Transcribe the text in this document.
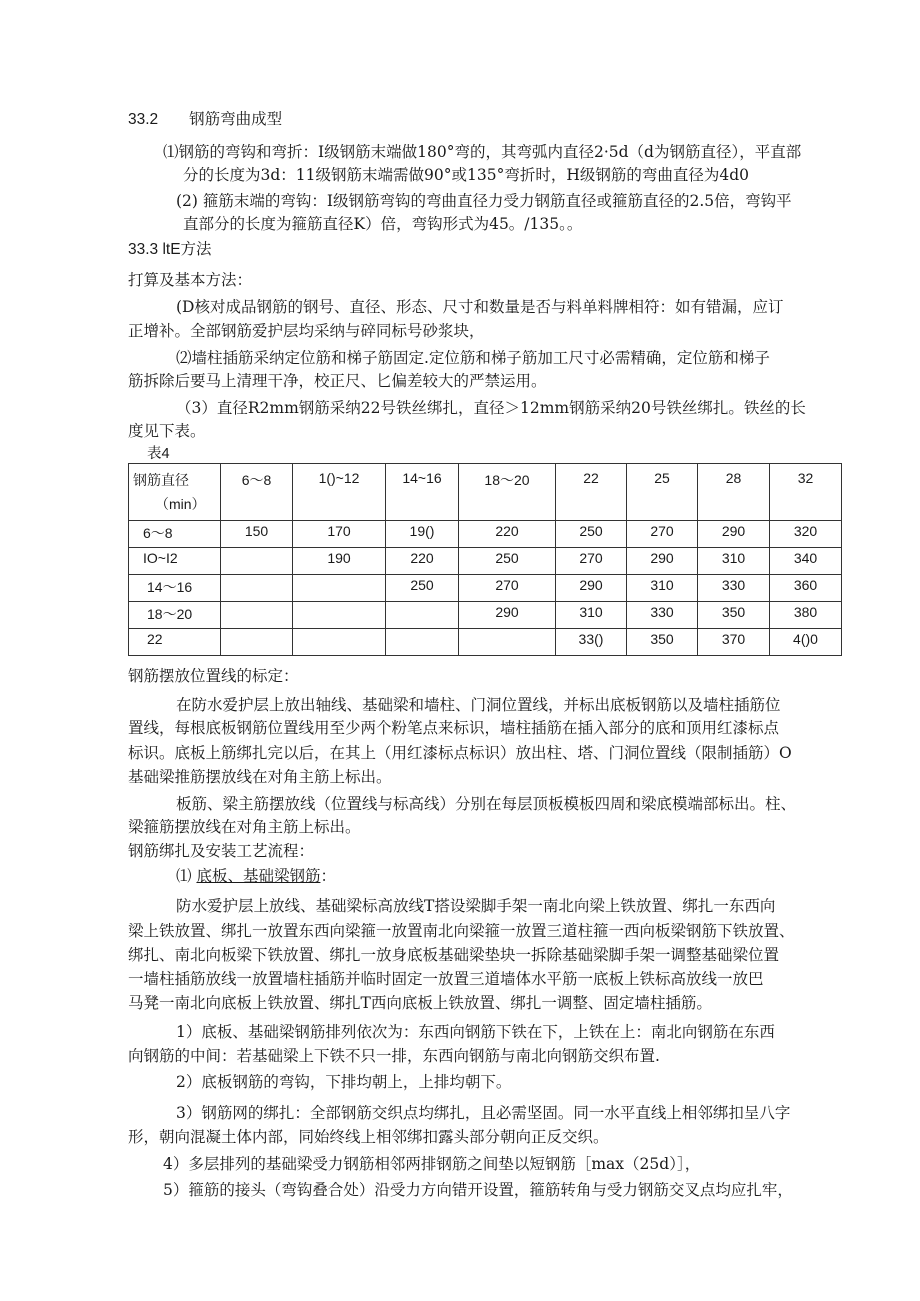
33.2　　钢筋弯曲成型
⑴钢筋的弯钩和弯折：Ⅰ级钢筋末端做180°弯的，其弯弧内直径2·5d（d为钢筋直径），平直部
分的长度为3d：11级钢筋末端需做90°或135°弯折时，H级钢筋的弯曲直径为4d0
(2) 箍筋末端的弯钩：Ⅰ级钢筋弯钩的弯曲直径力受力钢筋直径或箍筋直径的2.5倍，弯钩平
直部分的长度为箍筋直径K）倍，弯钩形式为45。/135。。
33.3 ltE方法
打算及基本方法：
(D核对成品钢筋的钢号、直径、形态、尺寸和数量是否与料单料牌相符：如有错漏，应订
正增补。全部钢筋爱护层均采纳与碎同标号砂浆块，
⑵墙柱插筋采纳定位筋和梯子筋固定.定位筋和梯子筋加工尺寸必需精确，定位筋和梯子
筋拆除后要马上清理干净，校正尺、匕偏差较大的严禁运用。
（3）直径R2mm钢筋采纳22号铁丝绑扎，直径＞12mm钢筋采纳20号铁丝绑扎。铁丝的长
度见下表。
表4
钢筋直径
（min）	6～8	1()~12	14~16	18～20	22	25	28	32
6～8	150	170	19()	220	250	270	290	320
IO~I2		190	220	250	270	290	310	340
14～16			250	270	290	310	330	360
18～20				290	310	330	350	380
22					33()	350	370	4()0
钢筋摆放位置线的标定：
在防水爱护层上放出轴线、基础梁和墙柱、门洞位置线，并标出底板钢筋以及墙柱插筋位
置线，每根底板钢筋位置线用至少两个粉笔点来标识，墙柱插筋在插入部分的底和顶用红漆标点
标识。底板上筋绑扎完以后，在其上（用红漆标点标识）放出柱、塔、门洞位置线（限制插筋）O
基础梁推筋摆放线在对角主筋上标出。
板筋、梁主筋摆放线（位置线与标高线）分别在每层顶板模板四周和梁底模端部标出。柱、
梁箍筋摆放线在对角主筋上标出。
钢筋绑扎及安装工艺流程：
⑴ 底板、基础梁钢筋：
防水爱护层上放线、基础梁标高放线T搭设梁脚手架一南北向梁上铁放置、绑扎一东西向
梁上铁放置、绑扎一放置东西向梁箍一放置南北向梁箍一放置三道柱箍一西向板梁钢筋下铁放置、
绑扎、南北向板梁下铁放置、绑扎一放身底板基础梁垫块一拆除基础梁脚手架一调整基础梁位置
一墙柱插筋放线一放置墙柱插筋并临时固定一放置三道墙体水平筋一底板上铁标高放线一放巴
马凳一南北向底板上铁放置、绑扎T西向底板上铁放置、绑扎一调整、固定墙柱插筋。
1）底板、基础梁钢筋排列依次为：东西向钢筋下铁在下，上铁在上：南北向钢筋在东西
向钢筋的中间：若基础梁上下铁不只一排，东西向钢筋与南北向钢筋交织布置.
2）底板钢筋的弯钩，下排均朝上，上排均朝下。
3）钢筋网的绑扎：全部钢筋交织点均绑扎，且必需坚固。同一水平直线上相邻绑扣呈八字
形，朝向混凝土体内部，同始终线上相邻绑扣露头部分朝向正反交织。
4）多层排列的基础梁受力钢筋相邻两排钢筋之间垫以短钢筋［max（25d）］，
5）箍筋的接头（弯钩叠合处）沿受力方向错开设置，箍筋转角与受力钢筋交叉点均应扎牢，
